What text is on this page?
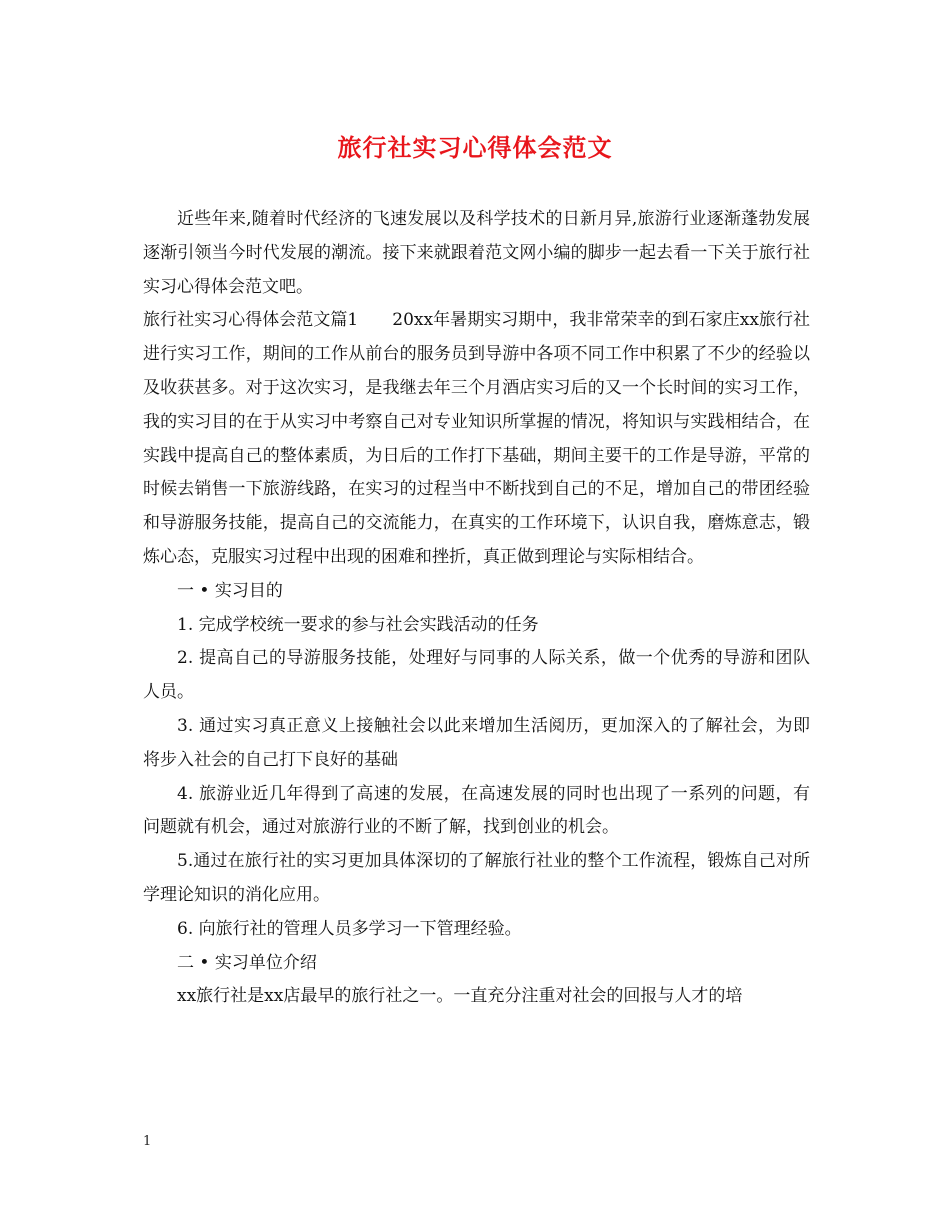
旅行社实习心得体会范文

近些年来,随着时代经济的飞速发展以及科学技术的日新月异,旅游行业逐渐蓬勃发展逐渐引领当今时代发展的潮流。接下来就跟着范文网小编的脚步一起去看一下关于旅行社实习心得体会范文吧。

旅行社实习心得体会范文篇1　　20xx年暑期实习期中，我非常荣幸的到石家庄xx旅行社进行实习工作，期间的工作从前台的服务员到导游中各项不同工作中积累了不少的经验以及收获甚多。对于这次实习，是我继去年三个月酒店实习后的又一个长时间的实习工作，我的实习目的在于从实习中考察自己对专业知识所掌握的情况，将知识与实践相结合，在实践中提高自己的整体素质，为日后的工作打下基础，期间主要干的工作是导游，平常的时候去销售一下旅游线路，在实习的过程当中不断找到自己的不足，增加自己的带团经验和导游服务技能，提高自己的交流能力，在真实的工作环境下，认识自我，磨炼意志，锻炼心态，克服实习过程中出现的困难和挫折，真正做到理论与实际相结合。

一 • 实习目的

1. 完成学校统一要求的参与社会实践活动的任务

2. 提高自己的导游服务技能，处理好与同事的人际关系，做一个优秀的导游和团队人员。

3. 通过实习真正意义上接触社会以此来增加生活阅历，更加深入的了解社会，为即将步入社会的自己打下良好的基础

4. 旅游业近几年得到了高速的发展，在高速发展的同时也出现了一系列的问题，有问题就有机会，通过对旅游行业的不断了解，找到创业的机会。

5.通过在旅行社的实习更加具体深切的了解旅行社业的整个工作流程，锻炼自己对所学理论知识的消化应用。

6. 向旅行社的管理人员多学习一下管理经验。

二 • 实习单位介绍

xx旅行社是xx店最早的旅行社之一。一直充分注重对社会的回报与人才的培

1
